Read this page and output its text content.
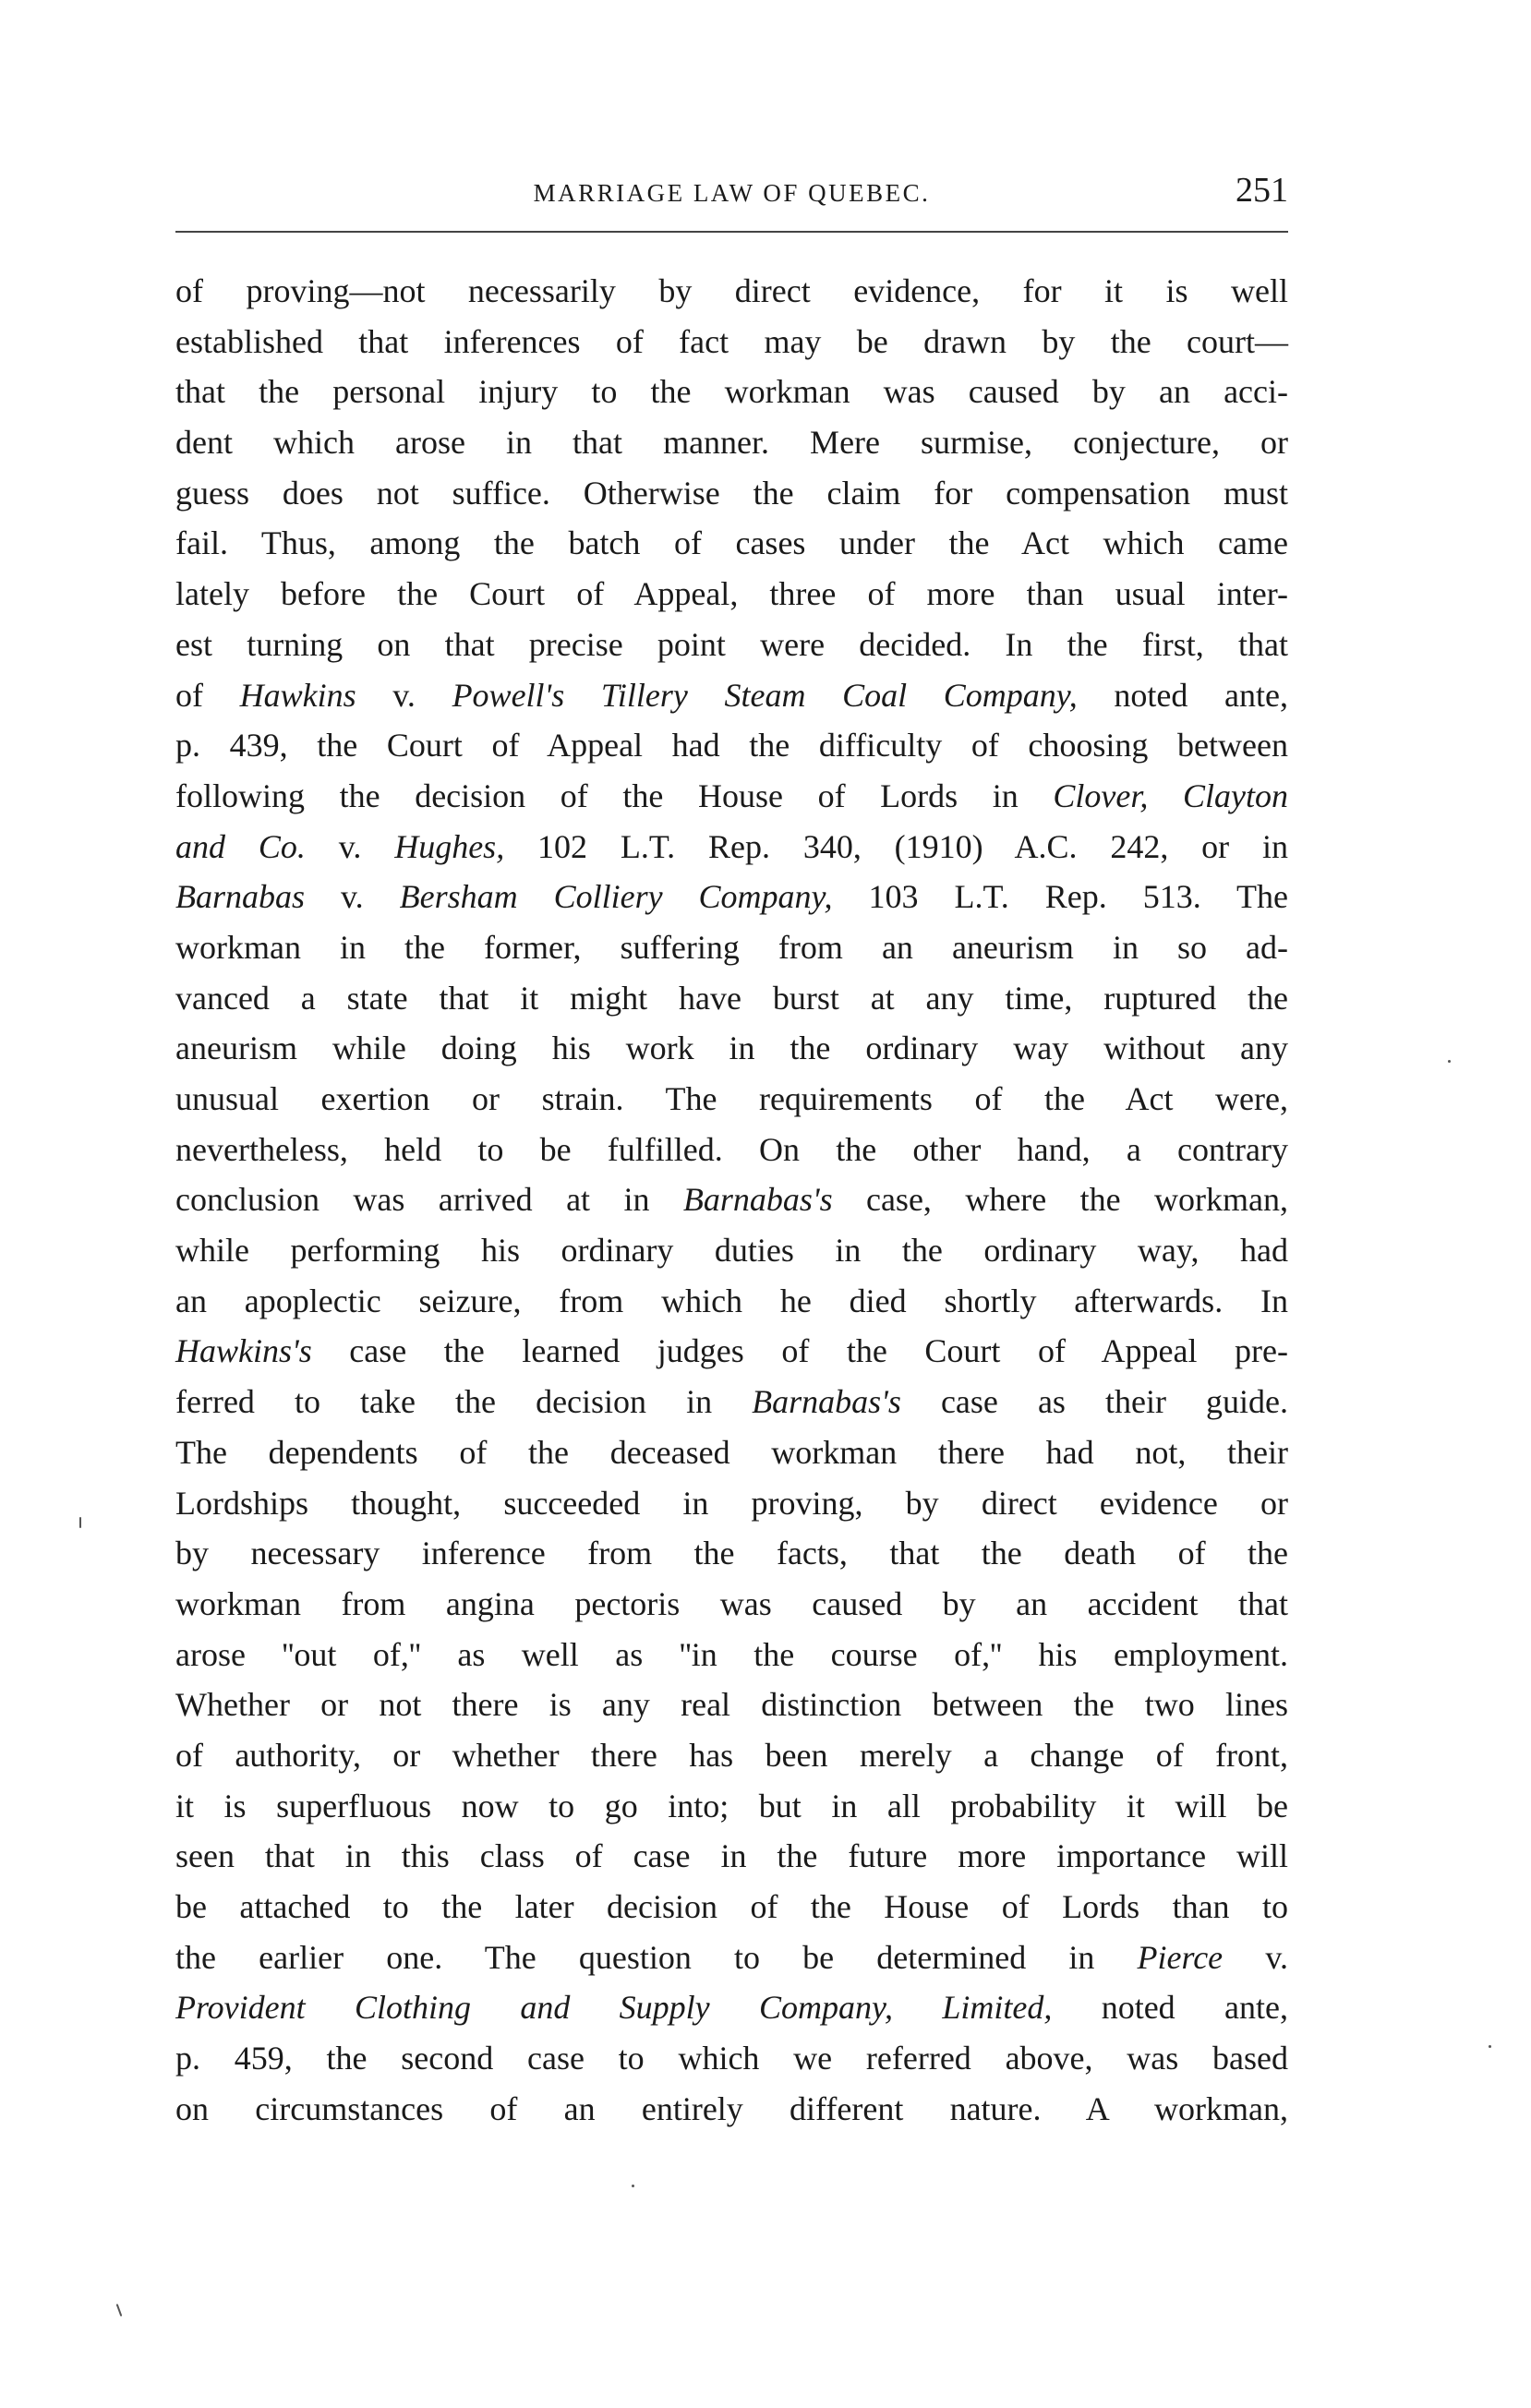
MARRIAGE LAW OF QUEBEC.	251
of proving—not necessarily by direct evidence, for it is well
established that inferences of fact may be drawn by the court—
that the personal injury to the workman was caused by an acci-
dent which arose in that manner. Mere surmise, conjecture, or
guess does not suffice. Otherwise the claim for compensation must
fail. Thus, among the batch of cases under the Act which came
lately before the Court of Appeal, three of more than usual inter-
est turning on that precise point were decided. In the first, that
of Hawkins v. Powell's Tillery Steam Coal Company, noted ante,
p. 439, the Court of Appeal had the difficulty of choosing between
following the decision of the House of Lords in Clover, Clayton
and Co. v. Hughes, 102 L.T. Rep. 340, (1910) A.C. 242, or in
Barnabas v. Bersham Colliery Company, 103 L.T. Rep. 513. The
workman in the former, suffering from an aneurism in so ad-
vanced a state that it might have burst at any time, ruptured the
aneurism while doing his work in the ordinary way without any
unusual exertion or strain. The requirements of the Act were,
nevertheless, held to be fulfilled. On the other hand, a contrary
conclusion was arrived at in Barnabas's case, where the workman,
while performing his ordinary duties in the ordinary way, had
an apoplectic seizure, from which he died shortly afterwards. In
Hawkins's case the learned judges of the Court of Appeal pre-
ferred to take the decision in Barnabas's case as their guide.
The dependents of the deceased workman there had not, their
Lordships thought, succeeded in proving, by direct evidence or
by necessary inference from the facts, that the death of the
workman from angina pectoris was caused by an accident that
arose ''out of,'' as well as ''in the course of,'' his employment.
Whether or not there is any real distinction between the two lines
of authority, or whether there has been merely a change of front,
it is superfluous now to go into; but in all probability it will be
seen that in this class of case in the future more importance will
be attached to the later decision of the House of Lords than to
the earlier one. The question to be determined in Pierce v.
Provident Clothing and Supply Company, Limited, noted ante,
p. 459, the second case to which we referred above, was based
on circumstances of an entirely different nature. A workman,
